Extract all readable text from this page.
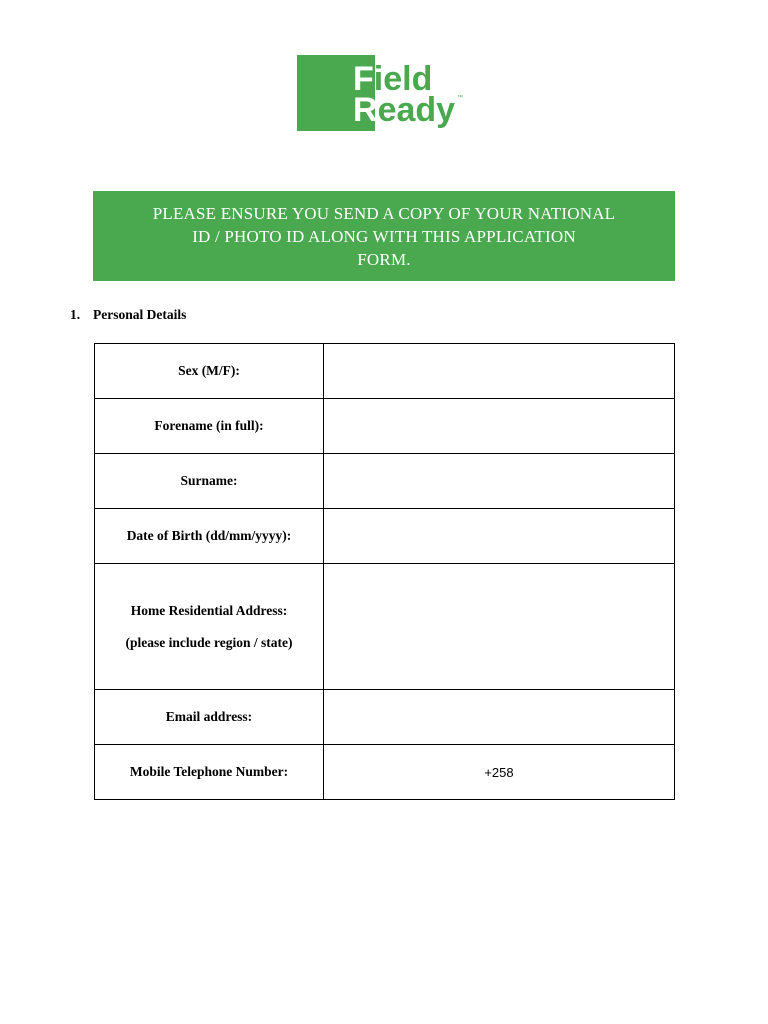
Field
Ready ™
PLEASE ENSURE YOU SEND A COPY OF YOUR NATIONAL
ID / PHOTO ID ALONG WITH THIS APPLICATION
FORM.
1. Personal Details
Sex (M/F):	
Forename (in full):	
Surname:	
Date of Birth (dd/mm/yyyy):	

Home Residential Address:
(please include region / state)	

Email address:	
Mobile Telephone Number:	+258
